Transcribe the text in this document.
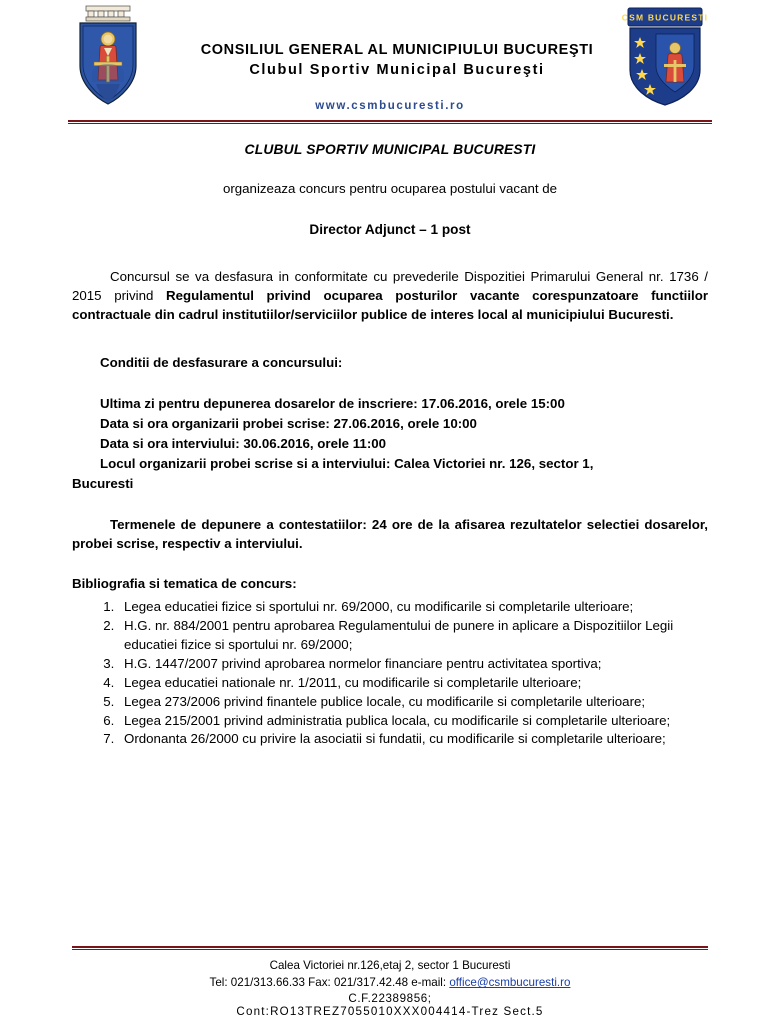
CSM BUCURESTI
CONSILIUL GENERAL AL MUNICIPIULUI BUCUREŞTI
Clubul Sportiv Municipal Bucureşti
www.csmbucuresti.ro
CLUBUL SPORTIV MUNICIPAL BUCURESTI
organizeaza concurs pentru ocuparea postului vacant de
Director Adjunct – 1 post
Concursul se va desfasura in conformitate cu prevederile Dispozitiei Primarului General nr. 1736 / 2015 privind Regulamentul privind ocuparea posturilor vacante corespunzatoare functiilor contractuale din cadrul institutiilor/serviciilor publice de interes local al municipiului Bucuresti.
Conditii de desfasurare a concursului:
Ultima zi pentru depunerea dosarelor de inscriere: 17.06.2016, orele 15:00
Data si ora organizarii probei scrise: 27.06.2016, orele 10:00
Data si ora interviului: 30.06.2016, orele 11:00
Locul organizarii probei scrise si a interviului: Calea Victoriei nr. 126, sector 1,
Bucuresti
Termenele de depunere a contestatiilor: 24 ore de la afisarea rezultatelor selectiei dosarelor, probei scrise, respectiv a interviului.
Bibliografia si tematica de concurs:
1. Legea educatiei fizice si sportului nr. 69/2000, cu modificarile si completarile ulterioare;
2. H.G. nr. 884/2001 pentru aprobarea Regulamentului de punere in aplicare a Dispozitiilor Legii educatiei fizice si sportului nr. 69/2000;
3. H.G. 1447/2007 privind aprobarea normelor financiare pentru activitatea sportiva;
4. Legea educatiei nationale nr. 1/2011, cu modificarile si completarile ulterioare;
5. Legea 273/2006 privind finantele publice locale, cu modificarile si completarile ulterioare;
6. Legea 215/2001 privind administratia publica locala, cu modificarile si completarile ulterioare;
7. Ordonanta 26/2000 cu privire la asociatii si fundatii, cu modificarile si completarile ulterioare;
Calea Victoriei nr.126,etaj 2, sector 1 Bucuresti
Tel: 021/313.66.33 Fax: 021/317.42.48 e-mail: office@csmbucuresti.ro
C.F.22389856;
Cont:RO13TREZ7055010XXX004414-Trez Sect.5
